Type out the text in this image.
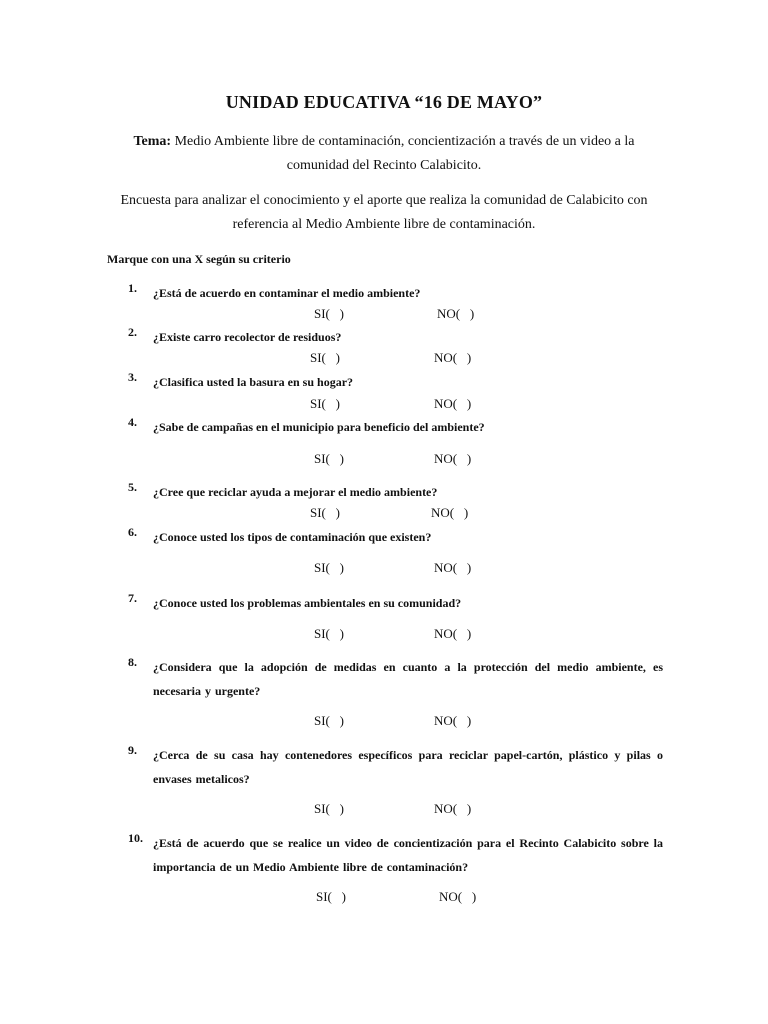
UNIDAD EDUCATIVA “16 DE MAYO”
Tema: Medio Ambiente libre de contaminación, concientización a través de un video a la
comunidad del Recinto Calabicito.
Encuesta para analizar el conocimiento y el aporte que realiza la comunidad de Calabicito con
referencia al Medio Ambiente libre de contaminación.
Marque con una X según su criterio
1.	¿Está de acuerdo en contaminar el medio ambiente?
SI(   )	NO(   )
2.	¿Existe carro recolector de residuos?
SI(   )	NO(   )
3.	¿Clasifica usted la basura en su hogar?
SI(   )	NO(   )
4.	¿Sabe de campañas en el municipio para beneficio del ambiente?
SI(   )	NO(   )
5.	¿Cree que reciclar ayuda a mejorar el medio ambiente?
SI(   )	NO(   )
6.	¿Conoce usted los tipos de contaminación que existen?
SI(   )	NO(   )
7.	¿Conoce usted los problemas ambientales en su comunidad?
SI(   )	NO(   )
8.	¿Considera que la adopción de medidas en cuanto a la protección del medio ambiente, es necesaria y urgente?
SI(   )	NO(   )
9.	¿Cerca de su casa hay contenedores específicos para reciclar papel-cartón, plástico y pilas o envases metalicos?
SI(   )	NO(   )
10. ¿Está de acuerdo que se realice un video de concientización para el Recinto Calabicito sobre la importancia de un Medio Ambiente libre de contaminación?
SI(   )	NO(   )
